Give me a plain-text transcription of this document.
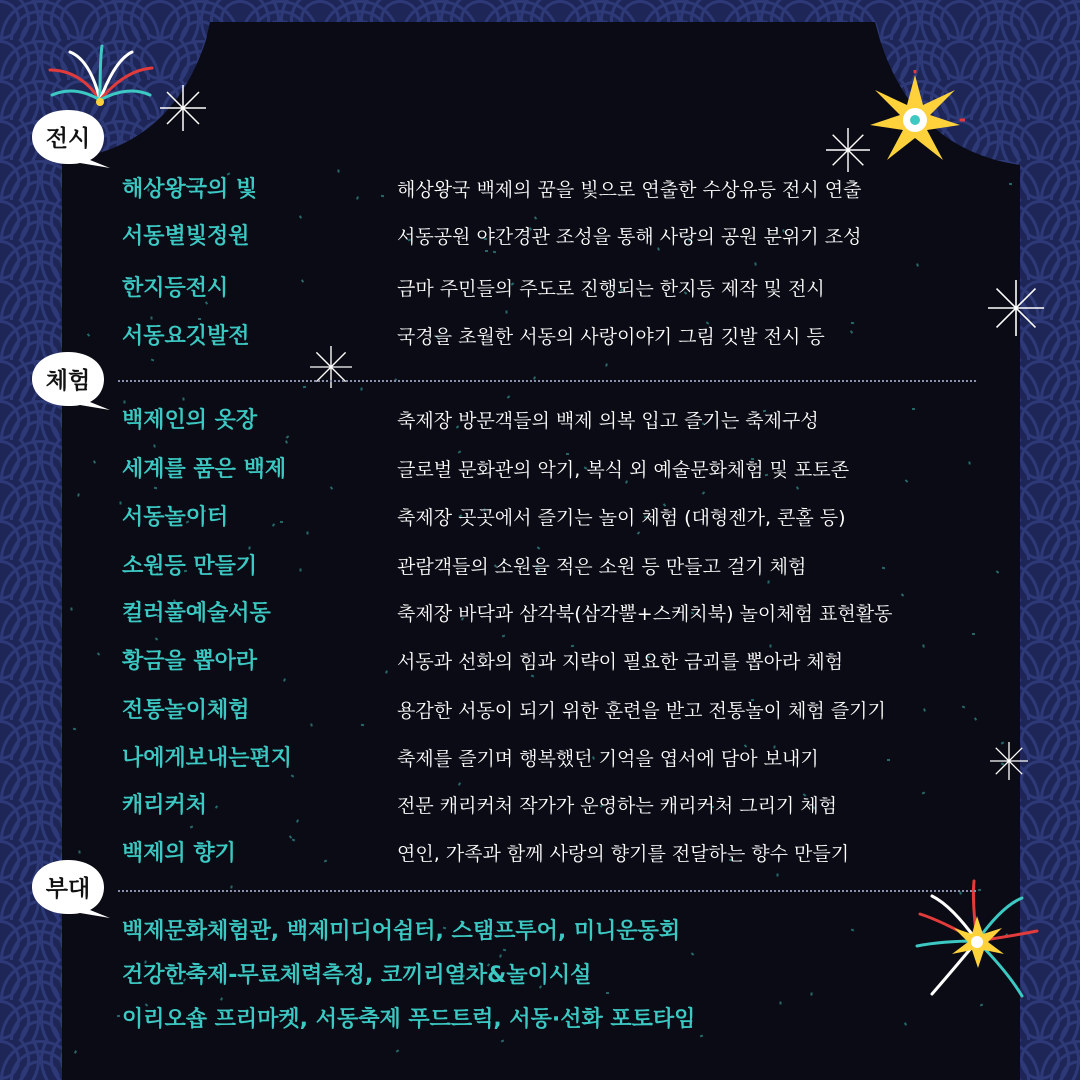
전시
체험
부대
해상왕국의 빛	해상왕국 백제의 꿈을 빛으로 연출한 수상유등 전시 연출
서동별빛정원	서동공원 야간경관 조성을 통해 사랑의 공원 분위기 조성
한지등전시	금마 주민들의 주도로 진행되는 한지등 제작 및 전시
서동요깃발전	국경을 초월한 서동의 사랑이야기 그림 깃발 전시 등
백제인의 옷장	축제장 방문객들의 백제 의복 입고 즐기는 축제구성
세계를 품은 백제	글로벌 문화관의 악기, 복식 외 예술문화체험 및 포토존
서동놀이터	축제장 곳곳에서 즐기는 놀이 체험 (대형젠가, 콘홀 등)
소원등 만들기	관람객들의 소원을 적은 소원 등 만들고 걸기 체험
컬러풀예술서동	축제장 바닥과 삼각북(삼각뿔+스케치북) 놀이체험 표현활동
황금을 뽑아라	서동과 선화의 힘과 지략이 필요한 금괴를 뽑아라 체험
전통놀이체험	용감한 서동이 되기 위한 훈련을 받고 전통놀이 체험 즐기기
나에게보내는편지	축제를 즐기며 행복했던 기억을 엽서에 담아 보내기
캐리커처	전문 캐리커처 작가가 운영하는 캐리커처 그리기 체험
백제의 향기	연인, 가족과 함께 사랑의 향기를 전달하는 향수 만들기
백제문화체험관, 백제미디어쉼터, 스탬프투어, 미니운동회
건강한축제-무료체력측정, 코끼리열차&놀이시설
이리오숍 프리마켓, 서동축제 푸드트럭, 서동·선화 포토타임
